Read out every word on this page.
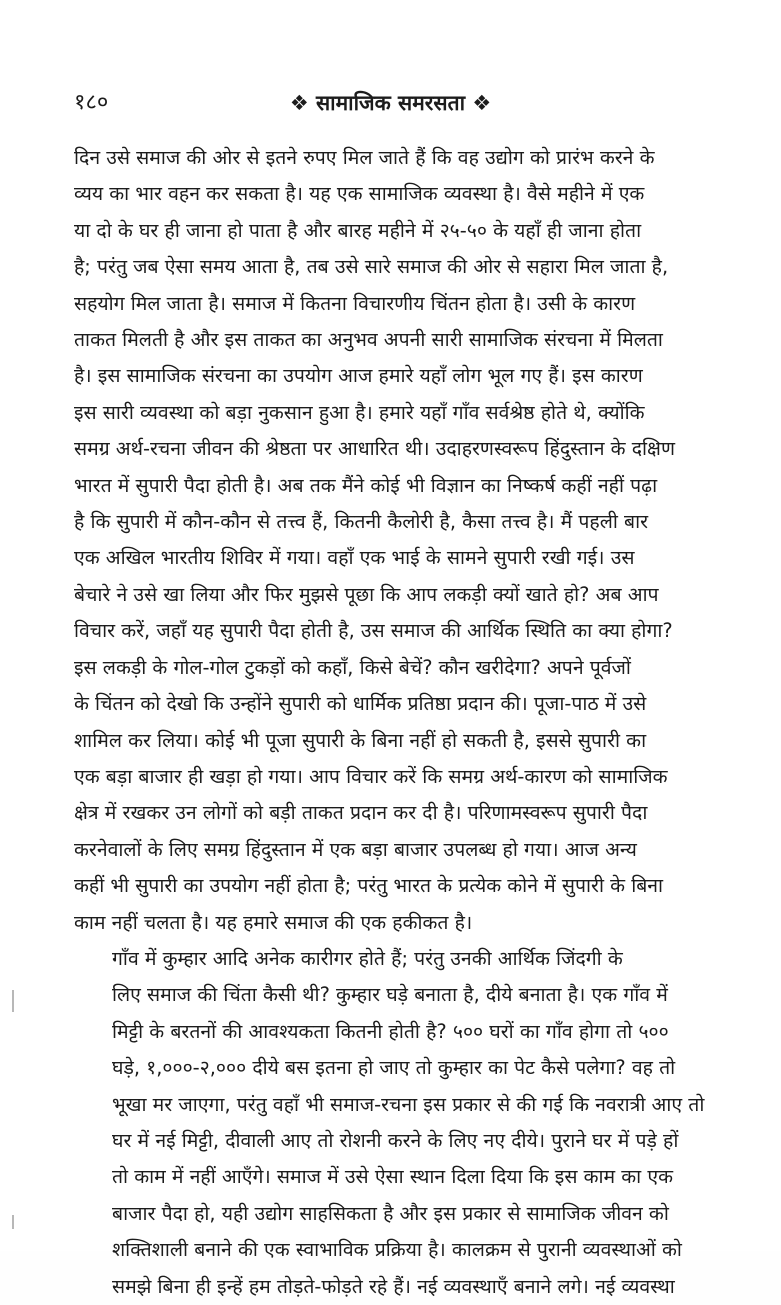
❖ सामाजिक समरसता ❖
१८०

दिन उसे समाज की ओर से इतने रुपए मिल जाते हैं कि वह उद्योग को प्रारंभ करने के
व्यय का भार वहन कर सकता है। यह एक सामाजिक व्यवस्था है। वैसे महीने में एक
या दो के घर ही जाना हो पाता है और बारह महीने में २५-५० के यहाँ ही जाना होता
है; परंतु जब ऐसा समय आता है, तब उसे सारे समाज की ओर से सहारा मिल जाता है,
सहयोग मिल जाता है। समाज में कितना विचारणीय चिंतन होता है। उसी के कारण
ताकत मिलती है और इस ताकत का अनुभव अपनी सारी सामाजिक संरचना में मिलता
है। इस सामाजिक संरचना का उपयोग आज हमारे यहाँ लोग भूल गए हैं। इस कारण
इस सारी व्यवस्था को बड़ा नुकसान हुआ है। हमारे यहाँ गाँव सर्वश्रेष्ठ होते थे, क्योंकि
समग्र अर्थ-रचना जीवन की श्रेष्ठता पर आधारित थी। उदाहरणस्वरूप हिंदुस्तान के दक्षिण
भारत में सुपारी पैदा होती है। अब तक मैंने कोई भी विज्ञान का निष्कर्ष कहीं नहीं पढ़ा
है कि सुपारी में कौन-कौन से तत्त्व हैं, कितनी कैलोरी है, कैसा तत्त्व है। मैं पहली बार
एक अखिल भारतीय शिविर में गया। वहाँ एक भाई के सामने सुपारी रखी गई। उस
बेचारे ने उसे खा लिया और फिर मुझसे पूछा कि आप लकड़ी क्यों खाते हो? अब आप
विचार करें, जहाँ यह सुपारी पैदा होती है, उस समाज की आर्थिक स्थिति का क्या होगा?
इस लकड़ी के गोल-गोल टुकड़ों को कहाँ, किसे बेचें? कौन खरीदेगा? अपने पूर्वजों
के चिंतन को देखो कि उन्होंने सुपारी को धार्मिक प्रतिष्ठा प्रदान की। पूजा-पाठ में उसे
शामिल कर लिया। कोई भी पूजा सुपारी के बिना नहीं हो सकती है, इससे सुपारी का
एक बड़ा बाजार ही खड़ा हो गया। आप विचार करें कि समग्र अर्थ-कारण को सामाजिक
क्षेत्र में रखकर उन लोगों को बड़ी ताकत प्रदान कर दी है। परिणामस्वरूप सुपारी पैदा
करनेवालों के लिए समग्र हिंदुस्तान में एक बड़ा बाजार उपलब्ध हो गया। आज अन्य
कहीं भी सुपारी का उपयोग नहीं होता है; परंतु भारत के प्रत्येक कोने में सुपारी के बिना
काम नहीं चलता है। यह हमारे समाज की एक हकीकत है।

गाँव में कुम्हार आदि अनेक कारीगर होते हैं; परंतु उनकी आर्थिक जिंदगी के
लिए समाज की चिंता कैसी थी? कुम्हार घड़े बनाता है, दीये बनाता है। एक गाँव में
मिट्टी के बरतनों की आवश्यकता कितनी होती है? ५०० घरों का गाँव होगा तो ५००
घड़े, १,०००-२,००० दीये बस इतना हो जाए तो कुम्हार का पेट कैसे पलेगा? वह तो
भूखा मर जाएगा, परंतु वहाँ भी समाज-रचना इस प्रकार से की गई कि नवरात्री आए तो
घर में नई मिट्टी, दीवाली आए तो रोशनी करने के लिए नए दीये। पुराने घर में पड़े हों
तो काम में नहीं आएँगे। समाज में उसे ऐसा स्थान दिला दिया कि इस काम का एक
बाजार पैदा हो, यही उद्योग साहसिकता है और इस प्रकार से सामाजिक जीवन को
शक्तिशाली बनाने की एक स्वाभाविक प्रक्रिया है। कालक्रम से पुरानी व्यवस्थाओं को
समझे बिना ही इन्हें हम तोड़ते-फोड़ते रहे हैं। नई व्यवस्थाएँ बनाने लगे। नई व्यवस्था
